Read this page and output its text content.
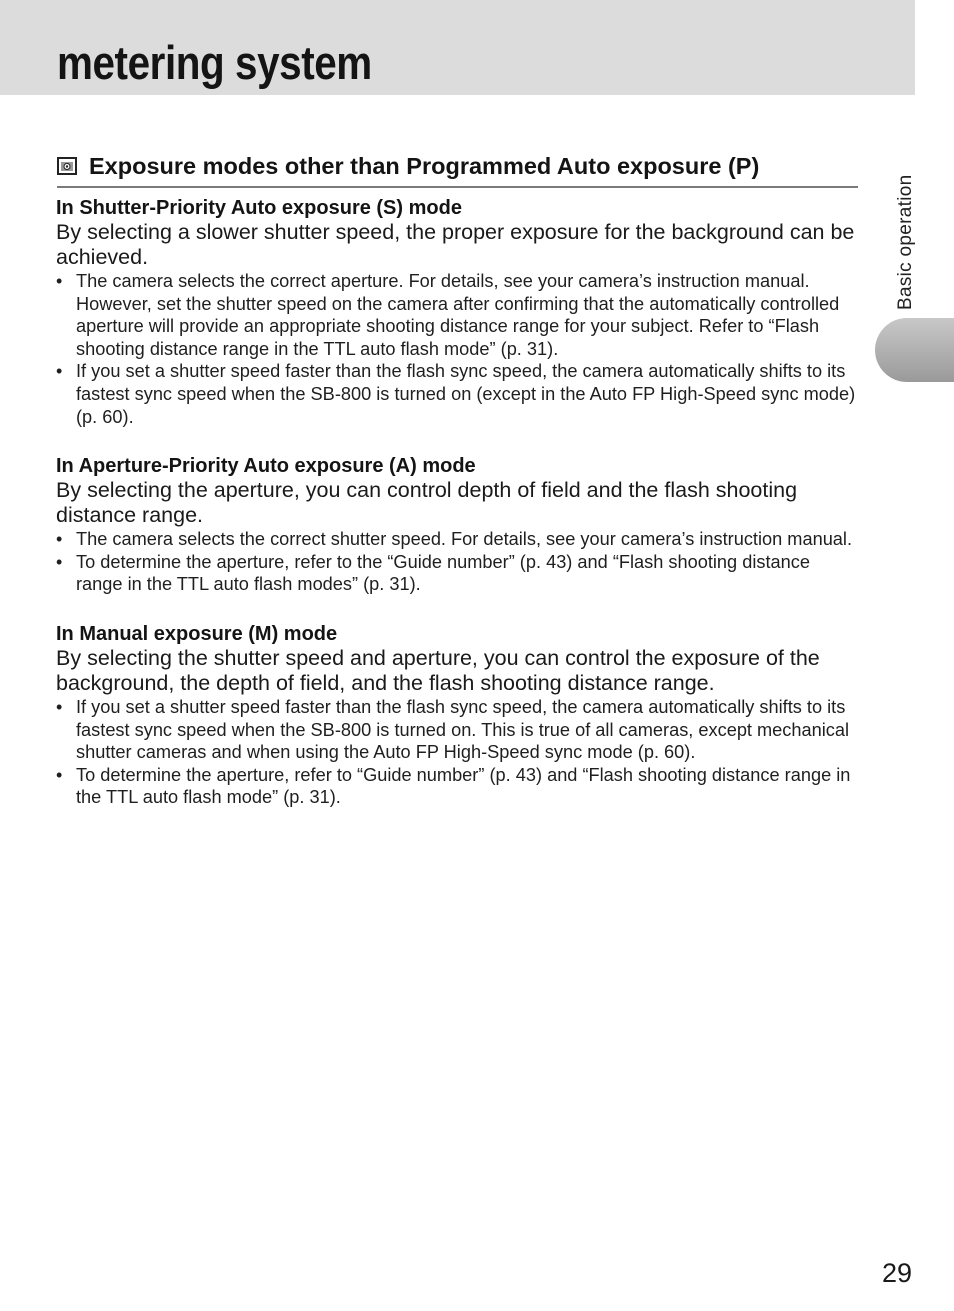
metering system
Basic operation
Exposure modes other than Programmed Auto exposure (P)
In Shutter-Priority Auto exposure (S) mode

By selecting a slower shutter speed, the proper exposure for the background can be achieved.

• The camera selects the correct aperture. For details, see your camera’s instruction manual. However, set the shutter speed on the camera after confirming that the automatically controlled aperture will provide an appropriate shooting distance range for your subject. Refer to “Flash shooting distance range in the TTL auto flash mode” (p. 31).
• If you set a shutter speed faster than the flash sync speed, the camera automatically shifts to its fastest sync speed when the SB-800 is turned on (except in the Auto FP High-Speed sync mode) (p. 60).
In Aperture-Priority Auto exposure (A) mode

By selecting the aperture, you can control depth of field and the flash shooting distance range.

• The camera selects the correct shutter speed. For details, see your camera’s instruction manual.
• To determine the aperture, refer to the “Guide number” (p. 43) and “Flash shooting distance range in the TTL auto flash modes” (p. 31).
In Manual exposure (M) mode

By selecting the shutter speed and aperture, you can control the exposure of the background, the depth of field, and the flash shooting distance range.

• If you set a shutter speed faster than the flash sync speed, the camera automatically shifts to its fastest sync speed when the SB-800 is turned on. This is true of all cameras, except mechanical shutter cameras and when using the Auto FP High-Speed sync mode (p. 60).
• To determine the aperture, refer to “Guide number” (p. 43) and “Flash shooting distance range in the TTL auto flash mode” (p. 31).
29
